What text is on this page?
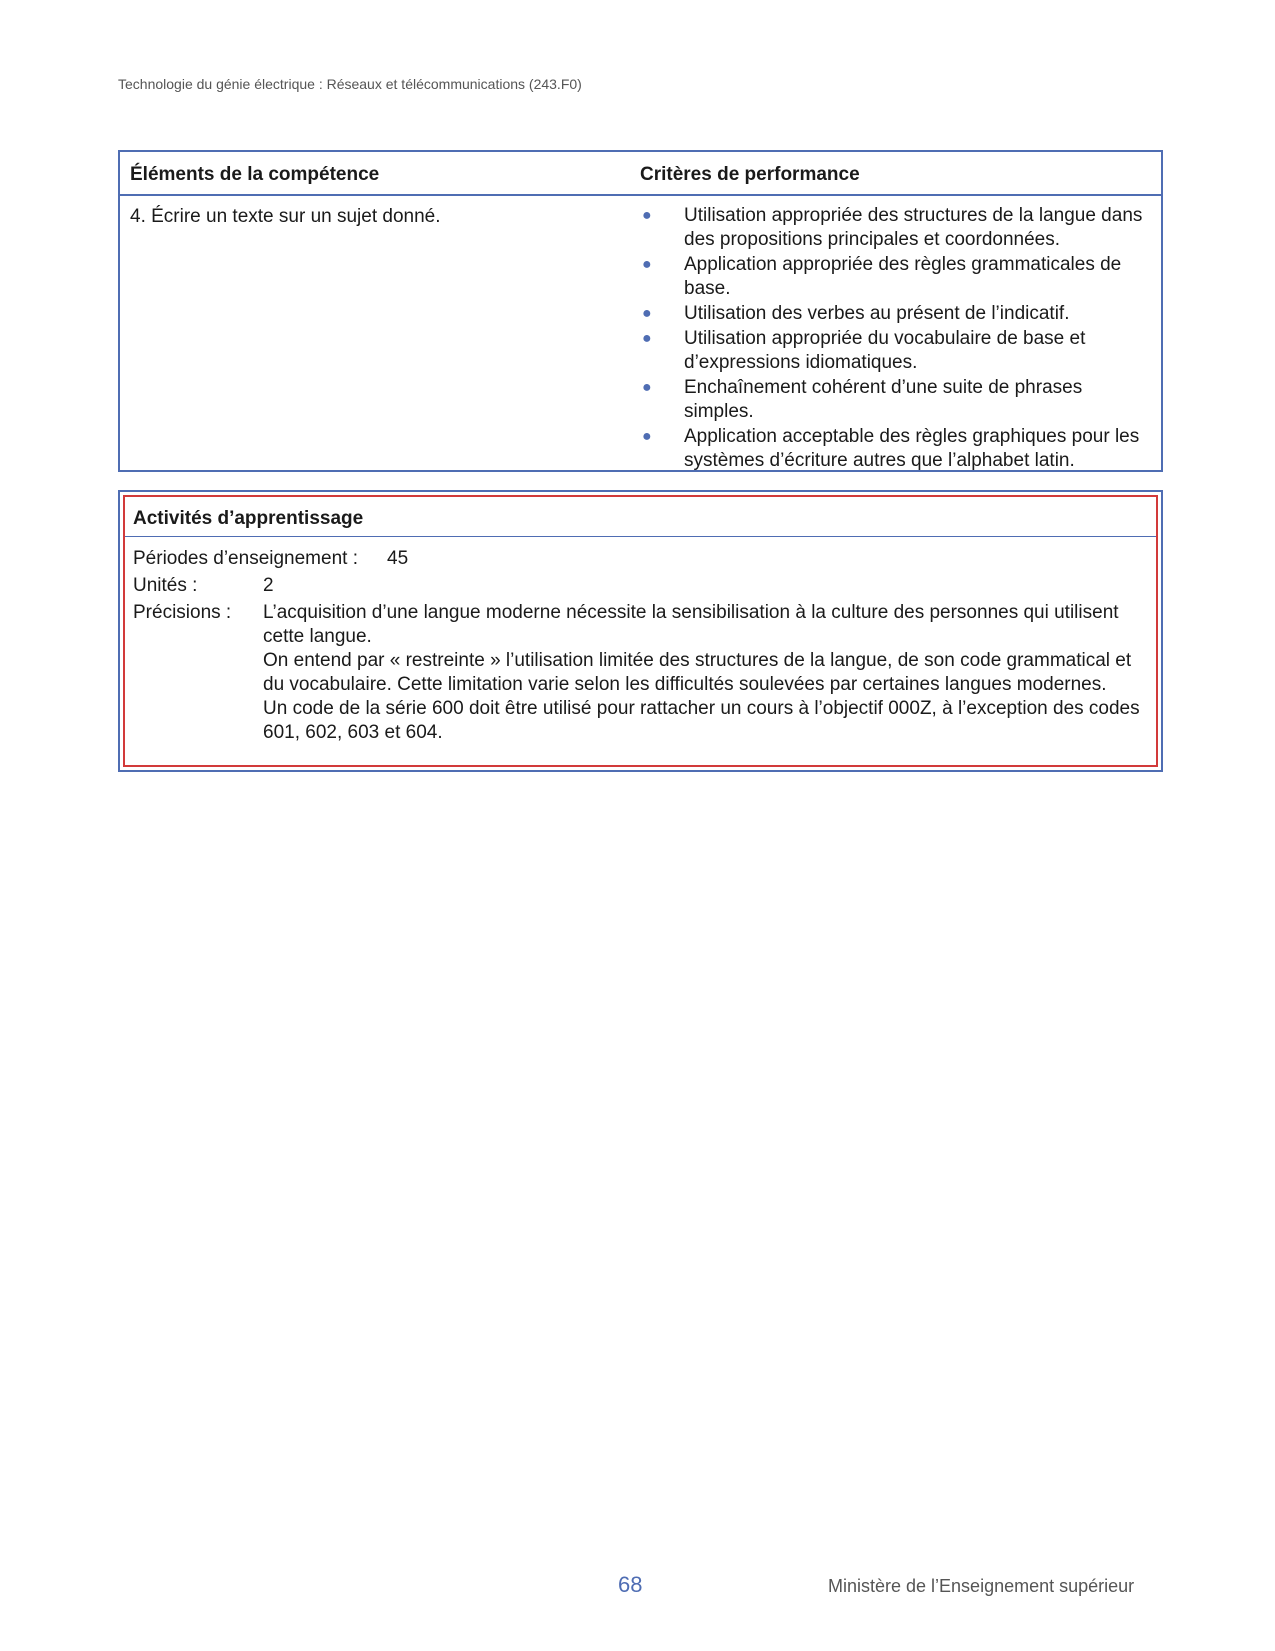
Technologie du génie électrique : Réseaux et télécommunications (243.F0)
Éléments de la compétence	Critères de performance
4. Écrire un texte sur un sujet donné.	● Utilisation appropriée des structures de la langue dans des propositions principales et coordonnées.
● Application appropriée des règles grammaticales de base.
● Utilisation des verbes au présent de l’indicatif.
● Utilisation appropriée du vocabulaire de base et d’expressions idiomatiques.
● Enchaînement cohérent d’une suite de phrases simples.
● Application acceptable des règles graphiques pour les systèmes d’écriture autres que l’alphabet latin.
Activités d’apprentissage
Périodes d’enseignement : 45
Unités :	2
Précisions : L’acquisition d’une langue moderne nécessite la sensibilisation à la culture des personnes qui utilisent cette langue.

On entend par « restreinte » l’utilisation limitée des structures de la langue, de son code grammatical et du vocabulaire. Cette limitation varie selon les difficultés soulevées par certaines langues modernes.

Un code de la série 600 doit être utilisé pour rattacher un cours à l’objectif 000Z, à l’exception des codes 601, 602, 603 et 604.

68	Ministère de l’Enseignement supérieur
